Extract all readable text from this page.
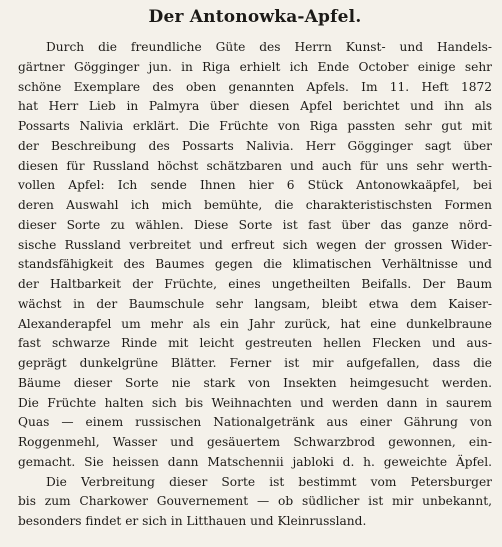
Der Antonowka-Apfel.
Durch die freundliche Güte des Herrn Kunst- und Handels-
gärtner Gögginger jun. in Riga erhielt ich Ende October einige sehr
schöne Exemplare des oben genannten Apfels. Im 11. Heft 1872
hat Herr Lieb in Palmyra über diesen Apfel berichtet und ihn als
Possarts Nalivia erklärt. Die Früchte von Riga passten sehr gut mit
der Beschreibung des Possarts Nalivia. Herr Gögginger sagt über
diesen für Russland höchst schätzbaren und auch für uns sehr werth-
vollen Apfel: Ich sende Ihnen hier 6 Stück Antonowkaäpfel, bei
deren Auswahl ich mich bemühte, die charakteristischsten Formen
dieser Sorte zu wählen. Diese Sorte ist fast über das ganze nörd-
sische Russland verbreitet und erfreut sich wegen der grossen Wider-
standsfähigkeit des Baumes gegen die klimatischen Verhältnisse und
der Haltbarkeit der Früchte, eines ungetheilten Beifalls. Der Baum
wächst in der Baumschule sehr langsam, bleibt etwa dem Kaiser-
Alexanderapfel um mehr als ein Jahr zurück, hat eine dunkelbraune
fast schwarze Rinde mit leicht gestreuten hellen Flecken und aus-
geprägt dunkelgrüne Blätter. Ferner ist mir aufgefallen, dass die
Bäume dieser Sorte nie stark von Insekten heimgesucht werden.
Die Früchte halten sich bis Weihnachten und werden dann in saurem
Quas — einem russischen Nationalgetränk aus einer Gährung von
Roggenmehl, Wasser und gesäuertem Schwarzbrod gewonnen, ein-
gemacht. Sie heissen dann Matschennii jabloki d. h. geweichte Äpfel.
Die Verbreitung dieser Sorte ist bestimmt vom Petersburger
bis zum Charkower Gouvernement — ob südlicher ist mir unbekannt,
besonders findet er sich in Litthauen und Kleinrussland.
